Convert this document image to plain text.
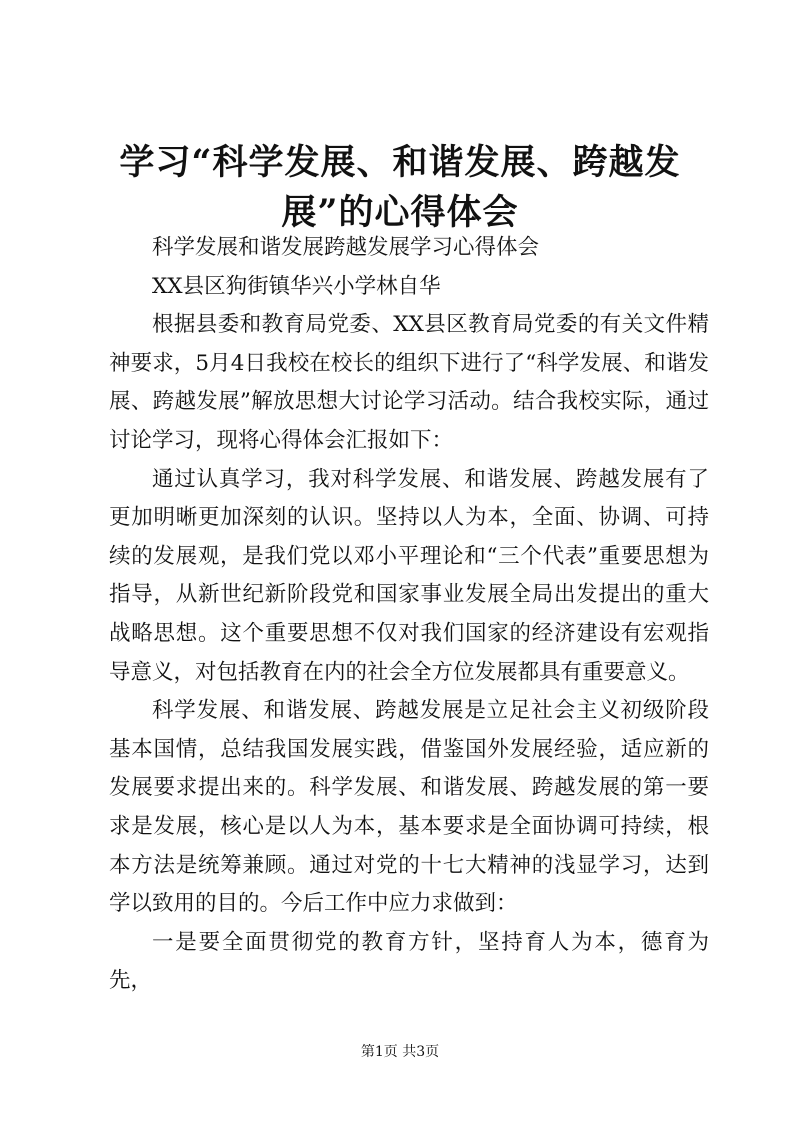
学习“科学发展、和谐发展、跨越发展”的心得体会

科学发展和谐发展跨越发展学习心得体会

XX县区狗街镇华兴小学林自华

根据县委和教育局党委、XX县区教育局党委的有关文件精神要求，5月4日我校在校长的组织下进行了“科学发展、和谐发展、跨越发展”解放思想大讨论学习活动。结合我校实际，通过讨论学习，现将心得体会汇报如下：

通过认真学习，我对科学发展、和谐发展、跨越发展有了更加明晰更加深刻的认识。坚持以人为本，全面、协调、可持续的发展观，是我们党以邓小平理论和“三个代表”重要思想为指导，从新世纪新阶段党和国家事业发展全局出发提出的重大战略思想。这个重要思想不仅对我们国家的经济建设有宏观指导意义，对包括教育在内的社会全方位发展都具有重要意义。

科学发展、和谐发展、跨越发展是立足社会主义初级阶段基本国情，总结我国发展实践，借鉴国外发展经验，适应新的发展要求提出来的。科学发展、和谐发展、跨越发展的第一要求是发展，核心是以人为本，基本要求是全面协调可持续，根本方法是统筹兼顾。通过对党的十七大精神的浅显学习，达到学以致用的目的。今后工作中应力求做到：

一是要全面贯彻党的教育方针，坚持育人为本，德育为先，

第1页 共3页
